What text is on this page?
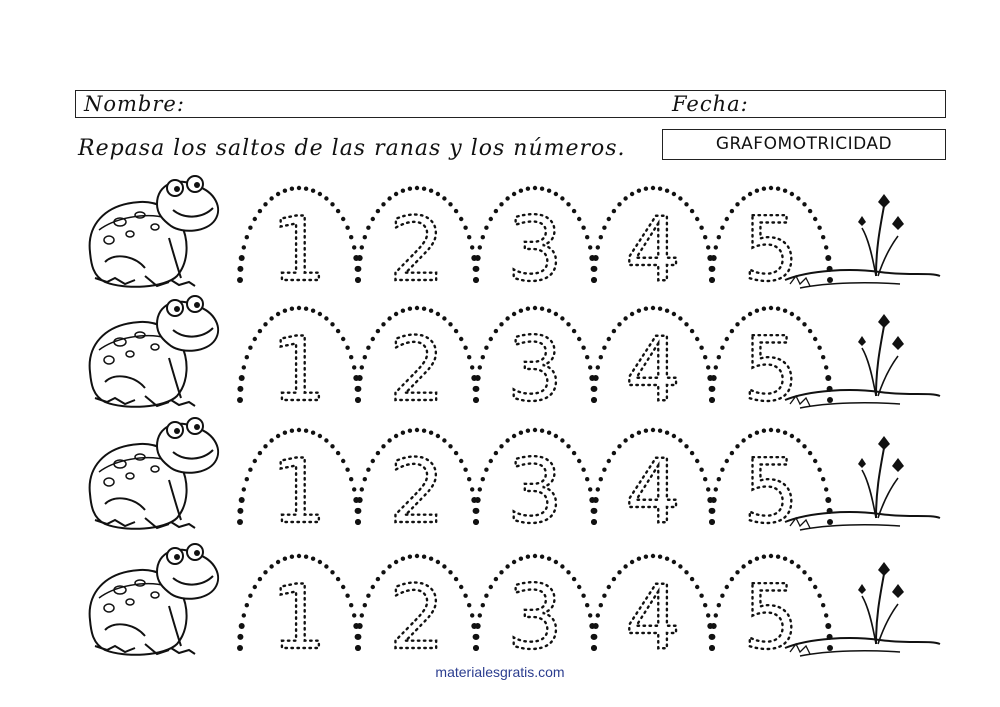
Nombre:	Fecha:
Repasa los saltos de las ranas y los números.	GRAFOMOTRICIDAD
1 2 3 4 5
1 2 3 4 5
1 2 3 4 5
1 2 3 4 5
materialesgratis.com
